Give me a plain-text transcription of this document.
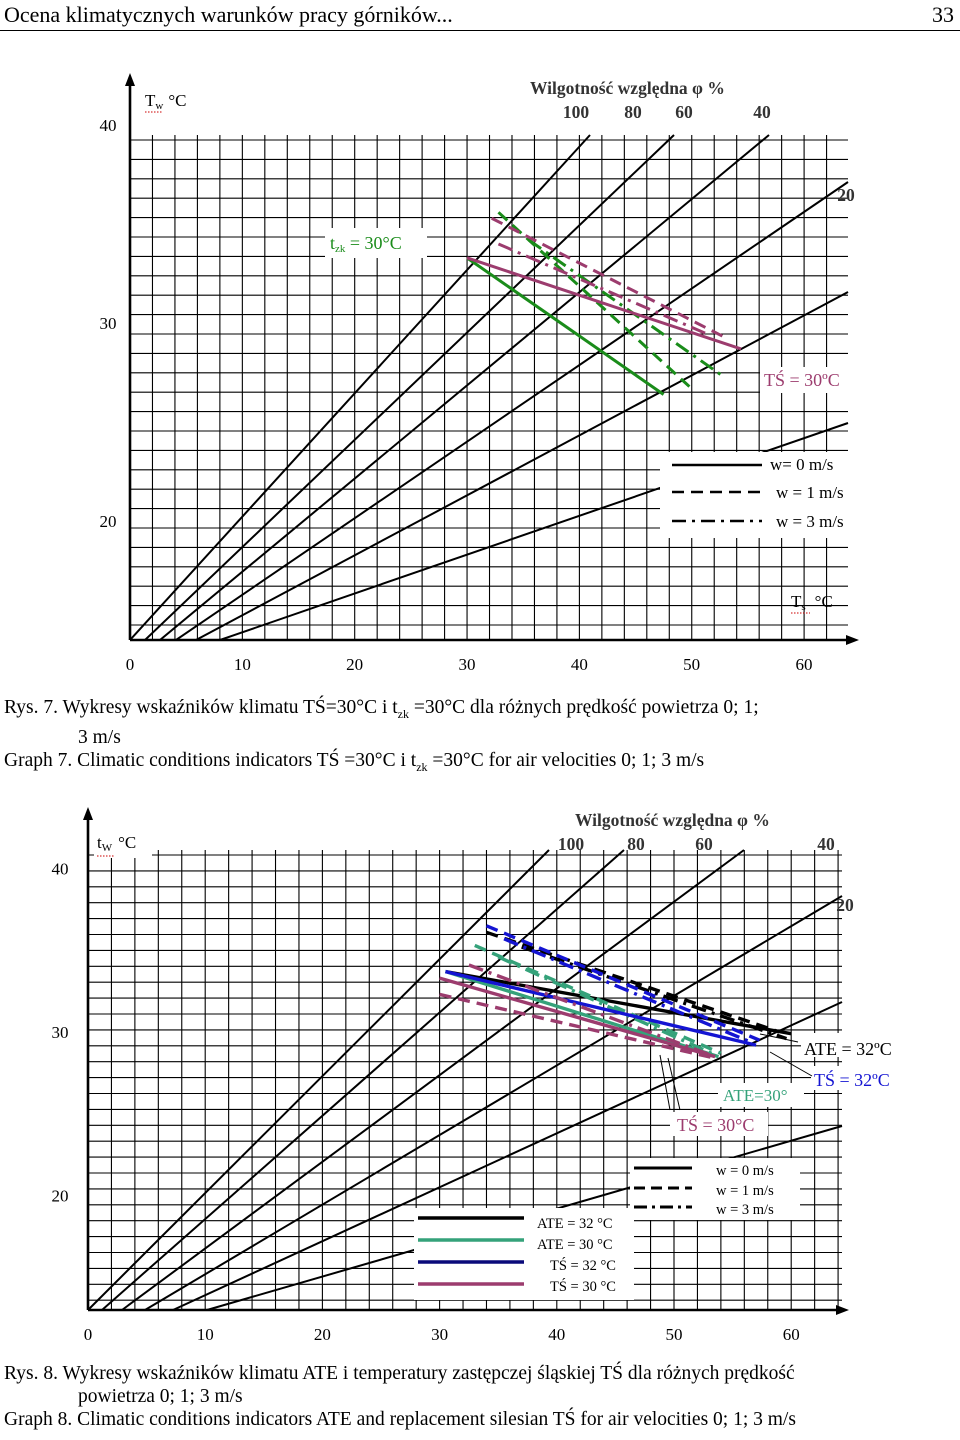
Ocena klimatycznych warunków pracy górników...	33
0	10	20	30	40	50	60
20
30
40
100 80 60	40
20
Wilgotność względna φ %
Tw °C
Ts °C
tzk = 30°C
TŚ = 30ºC
w= 0 m/s
w = 1 m/s
w = 3 m/s
Rys. 7. Wykresy wskaźników klimatu TŚ=30°C i $t_{zk} =30^\circ C$ dla różnych prędkość powietrza 0; 1;
3 m/s
Graph 7. Climatic conditions indicators TŚ =30°C i $t_{zk} =30^\circ C$ for air velocities 0; 1; 3 m/s
0	10	20	30	40	50	60
20
30
40
100 80	60	40
20
Wilgotność względna φ %
tW °C
ATE = 32ºC
TŚ = 32ºC
ATE=30°
TŚ = 30°C
w = 0 m/s
w = 1 m/s
w = 3 m/s
ATE = 32 °C
ATE = 30 °C
TŚ = 32 °C
TŚ = 30 °C
Rys. 8. Wykresy wskaźników klimatu ATE i temperatury zastępczej śląskiej TŚ dla różnych prędkość
powietrza 0; 1; 3 m/s
Graph 8. Climatic conditions indicators ATE and replacement silesian TŚ for air velocities 0; 1; 3 m/s
